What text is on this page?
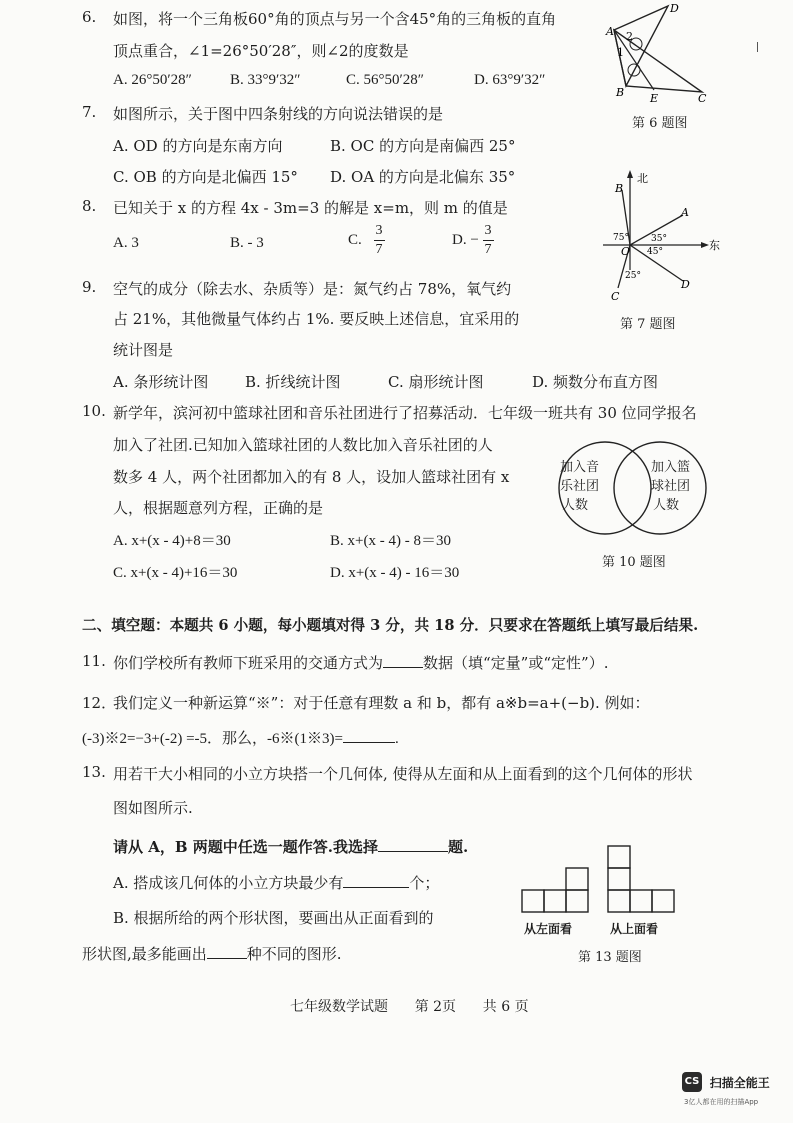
6. 如图，将一个三角板60°角的顶点与另一个含45°角的三角板的直角
顶点重合，∠1=26°50′28″，则∠2的度数是
A. 26°50′28″	B. 33°9′32″	C. 56°50′28″	D. 63°9′32″
A
D
B E	C
1
2
第 6 题图
7. 如图所示，关于图中四条射线的方向说法错误的是
A. OD 的方向是东南方向	B. OC 的方向是南偏西 25°
C. OB 的方向是北偏西 15° D. OA 的方向是北偏东 35°	北
东
B
A
D
C
O
75° 35°
45°
25°
第 7 题图
8. 已知关于 x 的方程 4x - 3m=3 的解是 x=m，则 m 的值是
A. 3	B. - 3	C. $\frac{3}{7}$	D. − $\frac{3}{7}$
9. 空气的成分（除去水、杂质等）是：氮气约占 78%，氧气约
占 21%，其他微量气体约占 1%. 要反映上述信息，宜采用的
统计图是
A. 条形统计图 B. 折线统计图	C. 扇形统计图	D. 频数分布直方图
10. 新学年，滨河初中篮球社团和音乐社团进行了招募活动．七年级一班共有 30 位同学报名
加入了社团.已知加入篮球社团的人数比加入音乐社团的人
数多 4 人，两个社团都加入的有 8 人，设加人篮球社团有 x
人，根据题意列方程，正确的是
A. x+(x - 4)+8＝30	B. x+(x - 4) - 8＝30
C. x+(x - 4)+16＝30	D. x+(x - 4) - 16＝30
加入音
乐社团
人数
加入篮
球社团
人数
第 10 题图
二、填空题：本题共 6 小题，每小题填对得 3 分，共 18 分．只要求在答题纸上填写最后结果.
11. 你们学校所有教师下班采用的交通方式为	数据（填“定量”或“定性”）.
12．
我们定义一种新运算“※”：对于任意有理数 a 和 b，都有 a※b=a+(−b). 例如：
(-3)※2=−3+(-2) =-5．那么，-6※(1※3)=	.
13. 用若干大小相同的小立方块搭一个几何体, 使得从左面和从上面看到的这个几何体的形状
图如图所示.
请从 A，B 两题中任选一题作答.我选择	题.
A. 搭成该几何体的小立方块最少有	个；
B. 根据所给的两个形状图，要画出从正面看到的
形状图,最多能画出	种不同的图形.
从左面看	从上面看
第 13 题图
七年级数学试题      第 2页      共 6 页
CS 扫描全能王
3亿人都在用的扫描App
